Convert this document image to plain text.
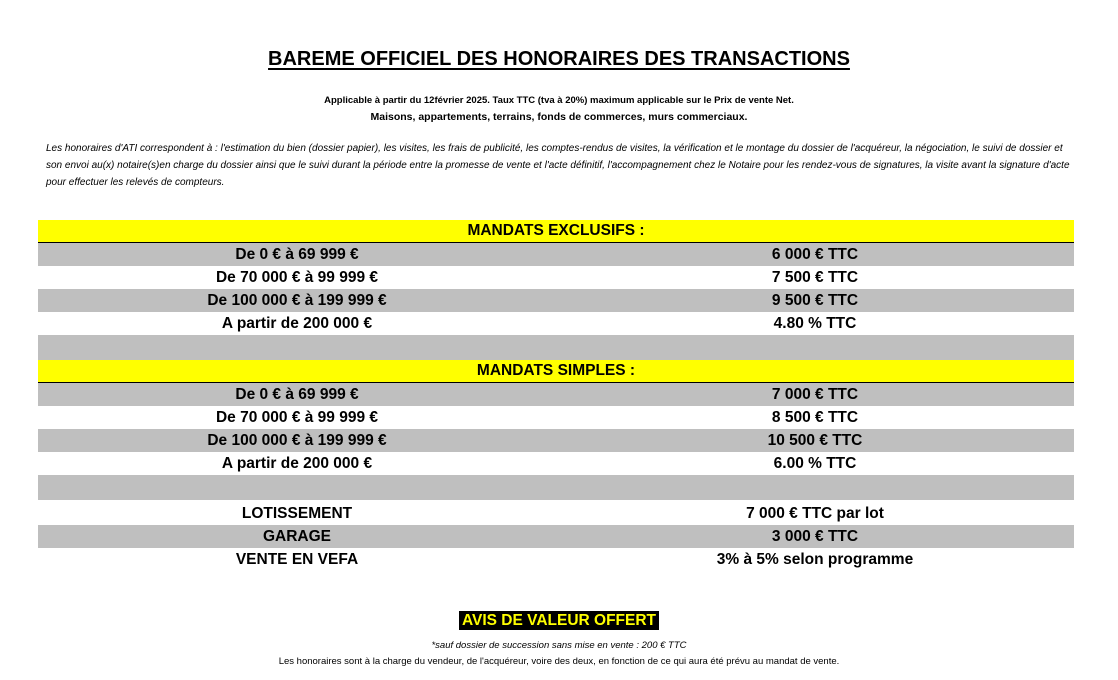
BAREME OFFICIEL DES HONORAIRES DES TRANSACTIONS
Applicable à partir du 12février 2025. Taux TTC (tva à 20%) maximum applicable sur le Prix de vente Net.
Maisons, appartements, terrains, fonds de commerces, murs commerciaux.
Les honoraires d'ATI correspondent à : l'estimation du bien (dossier papier), les visites, les frais de publicité, les comptes-rendus de visites, la vérification et le montage du dossier de l'acquéreur, la négociation, le suivi de dossier et son envoi au(x) notaire(s)en charge du dossier ainsi que le suivi durant la période entre la promesse de vente et l'acte définitif, l'accompagnement chez le Notaire pour les rendez-vous de signatures, la visite avant la signature d'acte pour effectuer les relevés de compteurs.
MANDATS EXCLUSIFS :
De 0 € à 69 999 €	6 000 € TTC
De 70 000 € à 99 999 €	7 500 € TTC
De 100 000 € à 199 999 €	9 500 € TTC
A partir de 200 000 €	4.80 % TTC
MANDATS SIMPLES :
De 0 € à 69 999 €	7 000 € TTC
De 70 000 € à 99 999 €	8 500 € TTC
De 100 000 € à 199 999 €	10 500 € TTC
A partir de 200 000 €	6.00 % TTC
LOTISSEMENT	7 000 € TTC par lot
GARAGE	3 000 € TTC
VENTE EN VEFA	3% à 5% selon programme
AVIS DE VALEUR OFFERT
*sauf dossier de succession sans mise en vente : 200 € TTC
Les honoraires sont à la charge du vendeur, de l'acquéreur, voire des deux, en fonction de ce qui aura été prévu au mandat de vente.
